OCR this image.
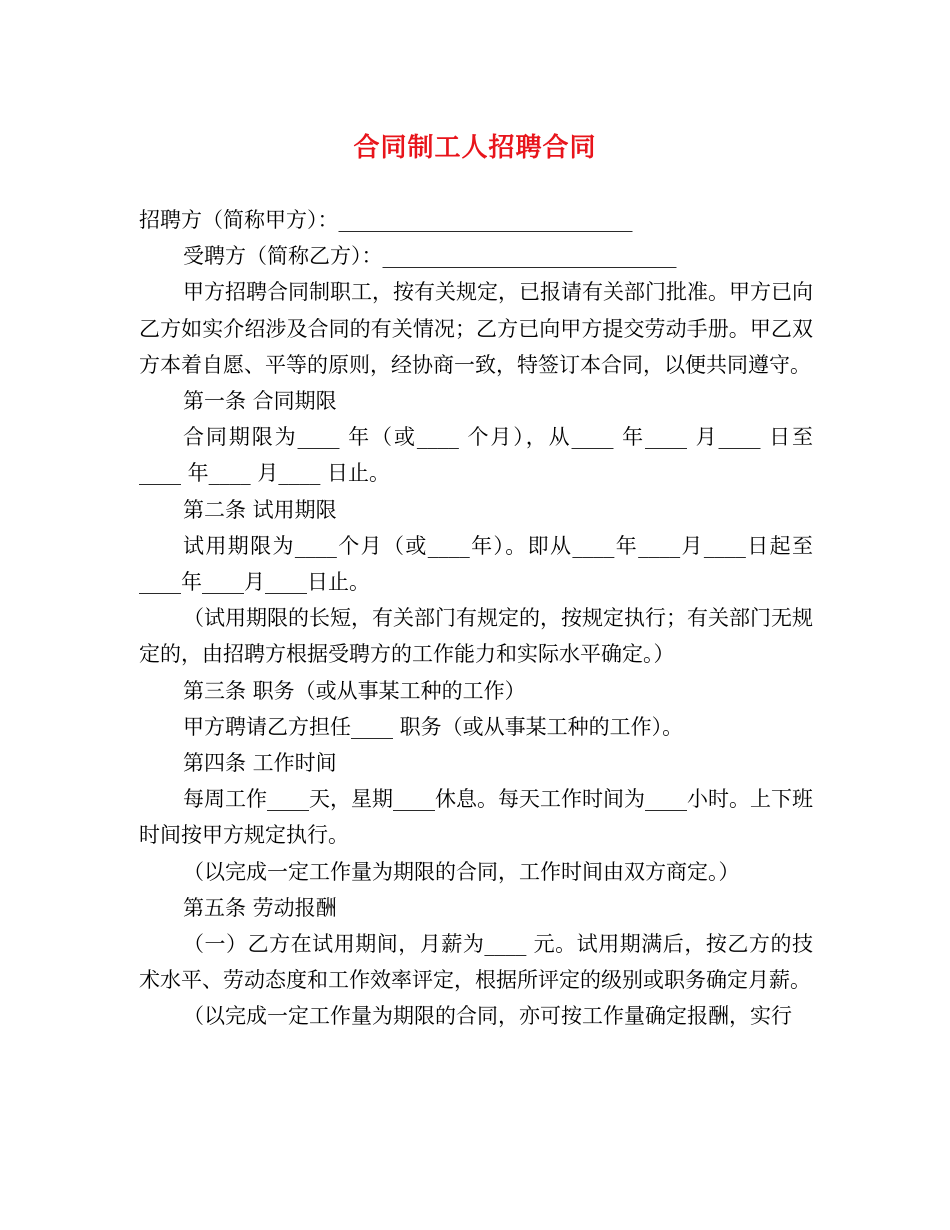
合同制工人招聘合同

招聘方（简称甲方）：____________________________

受聘方（简称乙方）：____________________________

甲方招聘合同制职工，按有关规定，已报请有关部门批准。甲方已向乙方如实介绍涉及合同的有关情况；乙方已向甲方提交劳动手册。甲乙双方本着自愿、平等的原则，经协商一致，特签订本合同，以便共同遵守。

第一条 合同期限

合同期限为____ 年（或____ 个月），从____ 年____ 月____ 日至____ 年____ 月____ 日止。

第二条 试用期限

试用期限为____个月（或____年）。即从____年____月____日起至____年____月____日止。

（试用期限的长短，有关部门有规定的，按规定执行；有关部门无规定的，由招聘方根据受聘方的工作能力和实际水平确定。）

第三条 职务（或从事某工种的工作）

甲方聘请乙方担任____ 职务（或从事某工种的工作）。

第四条 工作时间

每周工作____天，星期____休息。每天工作时间为____小时。上下班时间按甲方规定执行。

（以完成一定工作量为期限的合同，工作时间由双方商定。）

第五条 劳动报酬

（一）乙方在试用期间，月薪为____ 元。试用期满后，按乙方的技术水平、劳动态度和工作效率评定，根据所评定的级别或职务确定月薪。

（以完成一定工作量为期限的合同，亦可按工作量确定报酬，实行
